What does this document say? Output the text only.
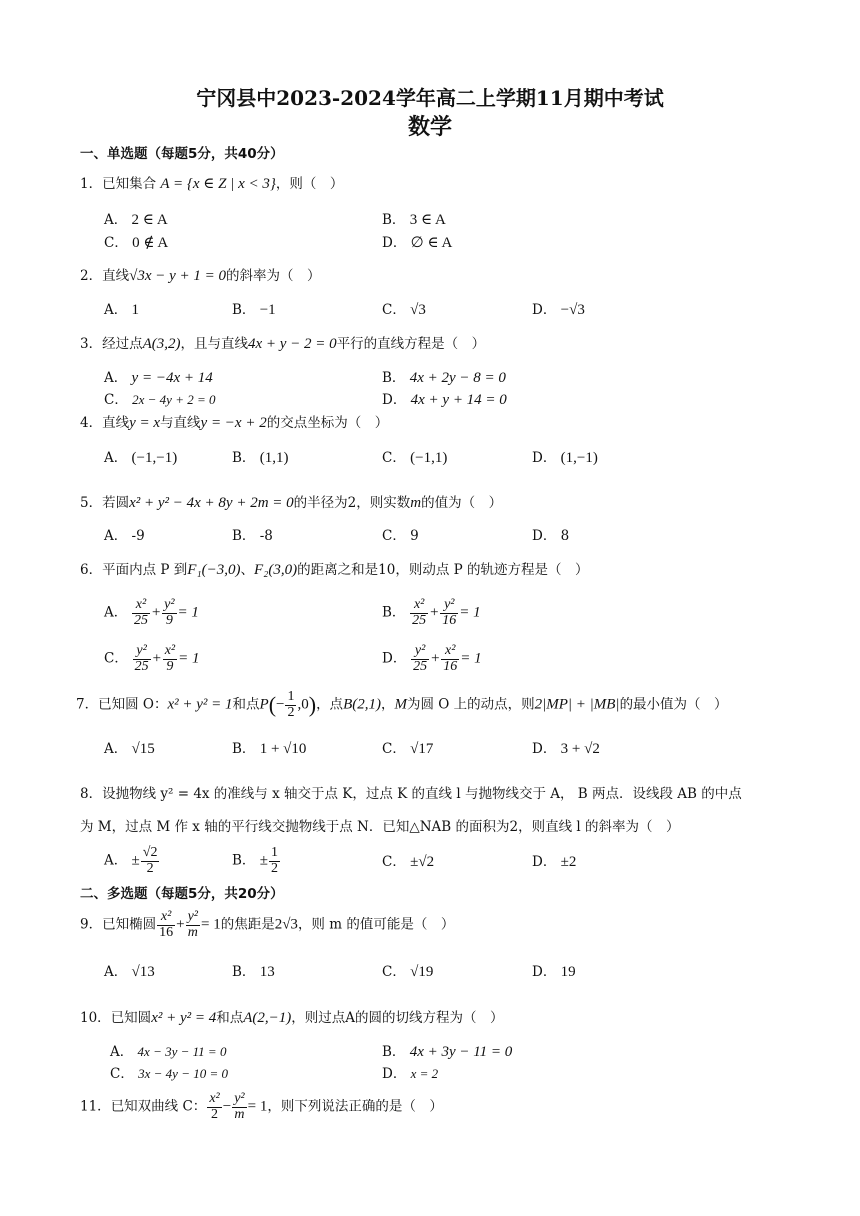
宁冈县中2023-2024学年高二上学期11月期中考试
数学
一、单选题（每题5分，共40分）
1．已知集合 A = {x ∈ Z | x < 3}，则（　）
A． 2 ∈ A	B． 3 ∈ A
C． 0 ∉ A	D． ∅ ∈ A
2．直线√3x − y + 1 = 0的斜率为（　）
A． 1	B． −1	C． √3	D． −√3
3．经过点A(3,2)，且与直线4x + y − 2 = 0平行的直线方程是（　）
A． y = −4x + 14	B． 4x + 2y − 8 = 0
C． 2x − 4y + 2 = 0	D． 4x + y + 14 = 0
4．直线y = x与直线y = −x + 2的交点坐标为（　）
A． (−1,−1)	B． (1,1)	C． (−1,1)	D． (1,−1)
5．若圆x² + y² − 4x + 8y + 2m = 0的半径为2，则实数m的值为（　）
A． -9	B． -8	C． 9	D． 8
6．平面内点 P 到F₁(−3,0)、F₂(3,0)的距离之和是10，则动点 P 的轨迹方程是（　）
A． $\frac{\text{x²}}{25} + \frac{\text{y²}}{9} = 1$	B． $\frac{\text{x²}}{25} + \frac{\text{y²}}{16} = 1$
C． $\frac{\text{y²}}{25} + \frac{\text{x²}}{9} = 1$	D． $\frac{\text{y²}}{25} + \frac{\text{x²}}{16} = 1$
7．已知圆 O：x² + y² = 1和点$P(- \frac{1}{2} ,0)$，点B(2,1)，M为圆 O 上的动点，则2|MP| + |MB|的最小值为（　）
A． √15	B． 1 + √10	C． √17	D． 3 + √2
8．设抛物线 y² = 4x 的准线与 x 轴交于点 K，过点 K 的直线 l 与抛物线交于 A， B 两点．设线段 AB 的中点
为 M，过点 M 作 x 轴的平行线交抛物线于点 N．已知△NAB 的面积为2，则直线 l 的斜率为（　）
A． ± $\frac{√2}{2}$	B． ± $\frac{1}{2}$	C． ±√2	D． ±2
二、多选题（每题5分，共20分）
9．已知椭圆 $\frac{\text{x²}}{16} + \frac{\text{y²}}{m} = 1$的焦距是2√3，则 m 的值可能是（　）
A． √13	B． 13	C． √19	D． 19
10．已知圆x² + y² = 4和点A(2,−1)，则过点A的圆的切线方程为（　）
A． 4x − 3y − 11 = 0	B． 4x + 3y − 11 = 0
C． 3x − 4y − 10 = 0	D． x = 2
11．已知双曲线 C： $\frac{\text{x²}}{2} - \frac{\text{y²}}{m} = 1$，则下列说法正确的是（　）
